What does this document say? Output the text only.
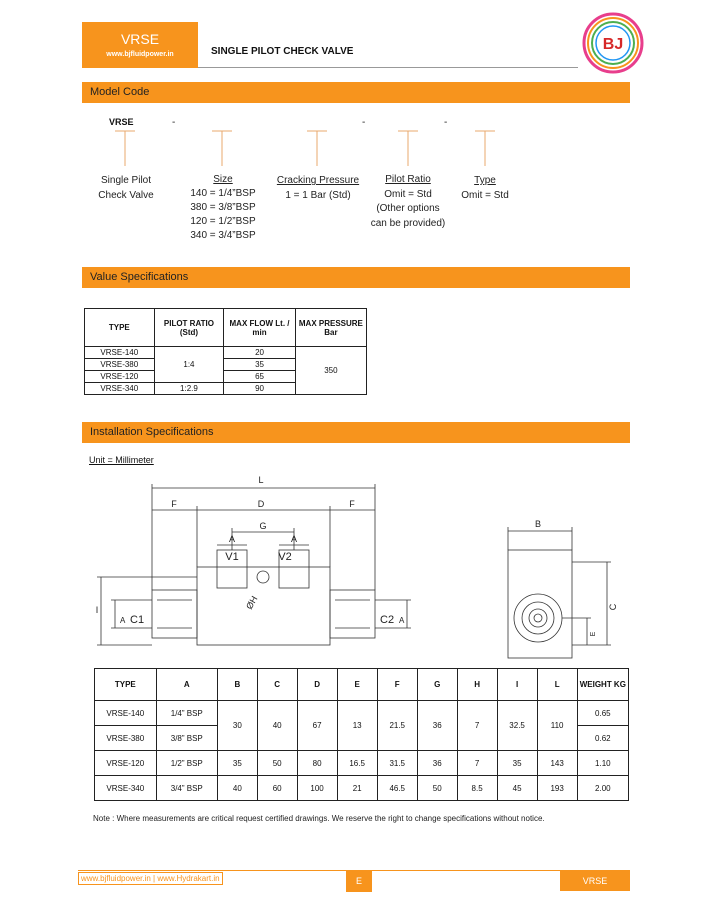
VRSE
www.bjfluidpower.in	SINGLE PILOT CHECK VALVE	BJ
Model Code
VRSE	-	-	-
Single Pilot
Check Valve
Size
140 = 1/4”BSP
380 = 3/8”BSP
120 = 1/2”BSP
340 = 3/4”BSP
Cracking Pressure
1 = 1 Bar (Std)
Pilot Ratio
Omit = Std
(Other options
can be provided)
Type
Omit = Std
Value Specifications
TYPE	PILOT RATIO (Std)	MAX FLOW Lt. / min	MAX PRESSURE Bar
VRSE-140	1:4	20	350
VRSE-380		35	
VRSE-120		65	
VRSE-340	1:2.9	90	
Installation Specifications
Unit = Millimeter
L
D
F	F
G
A	A
V1	V2
I
A C1	C2 A
ØH
B
C
E
TYPE	A	B	C	D	E	F	G	H	I	L	WEIGHT KG
VRSE-140	1/4” BSP	30	40	67	13	21.5	36	7	32.5	110	0.65
VRSE-380	3/8” BSP										0.62
VRSE-120	1/2” BSP	35	50	80	16.5	31.5	36	7	35	143	1.10
VRSE-340	3/4” BSP	40	60	100	21	46.5	50	8.5	45	193	2.00
Note : Where measurements are critical request certified drawings. We reserve the right to change specifications without notice.
www.bjfluidpower.in | www.Hydrakart.in	E	VRSE
